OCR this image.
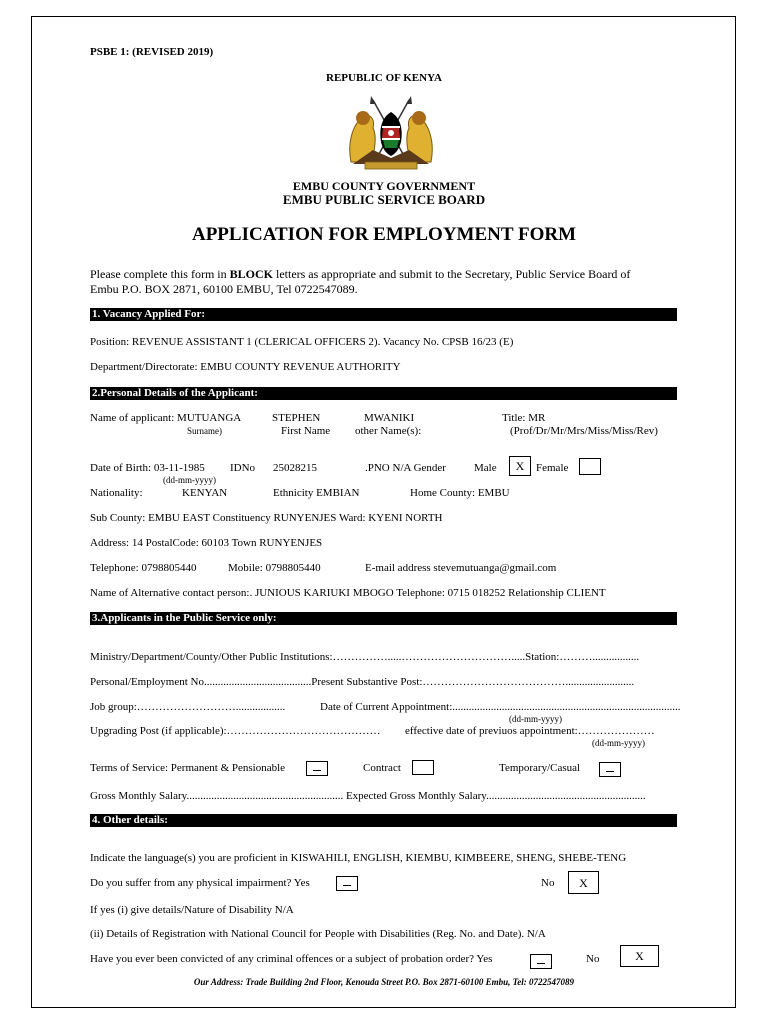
PSBE 1: (REVISED 2019)
REPUBLIC OF KENYA
EMBU COUNTY GOVERNMENT
EMBU PUBLIC SERVICE BOARD
APPLICATION FOR EMPLOYMENT FORM
Please complete this form in BLOCK letters as appropriate and submit to the Secretary, Public Service Board of
Embu P.O. BOX 2871, 60100 EMBU, Tel 0722547089.
1. Vacancy Applied For:
Position: REVENUE ASSISTANT 1 (CLERICAL OFFICERS 2). Vacancy No. CPSB 16/23 (E)
Department/Directorate: EMBU COUNTY REVENUE AUTHORITY
2.Personal Details of the Applicant:
Name of applicant: MUTUANGA	STEPHEN	MWANIKI	Title: MR
Surname)	First Name other Name(s):	(Prof/Dr/Mr/Mrs/Miss/Miss/Rev)
Date of Birth: 03-11-1985
(dd-mm-yyyy)
IDNo 25028215	.PNO N/A Gender	Male	X	Female
Nationality:	KENYAN	Ethnicity EMBIAN	Home County: EMBU
Sub County: EMBU EAST Constituency RUNYENJES Ward: KYENI NORTH
Address: 14 PostalCode: 60103 Town RUNYENJES
Telephone: 0798805440	Mobile: 0798805440	E-mail address stevemutuanga@gmail.com
Name of Alternative contact person:. JUNIOUS KARIUKI MBOGO Telephone: 0715 018252 Relationship CLIENT
3.Applicants in the Public Service only:
Ministry/Department/County/Other Public Institutions:…………….....………………………….....Station:……….................
Personal/Employment No.......................................Present Substantive Post:………………………………….........................
Job group:………………………..................	Date of Current Appointment:...................................................................................
(dd-mm-yyyy)
Upgrading Post (if applicable):…………………………………… effective date of previuos appointment:…………………
(dd-mm-yyyy)
Terms of Service: Permanent & Pensionable	Contract	Temporary/Casual
Gross Monthly Salary......................................................... Expected Gross Monthly Salary..........................................................
4. Other details:
Indicate the language(s) you are proficient in KISWAHILI, ENGLISH, KIEMBU, KIMBEERE, SHENG, SHEBE-TENG
Do you suffer from any physical impairment? Yes	No	X
If yes (i) give details/Nature of Disability N/A
(ii) Details of Registration with National Council for People with Disabilities (Reg. No. and Date). N/A
Have you ever been convicted of any criminal offences or a subject of probation order? Yes	No	X
Our Address: Trade Building 2nd Floor, Kenouda Street P.O. Box 2871-60100 Embu, Tel: 0722547089
